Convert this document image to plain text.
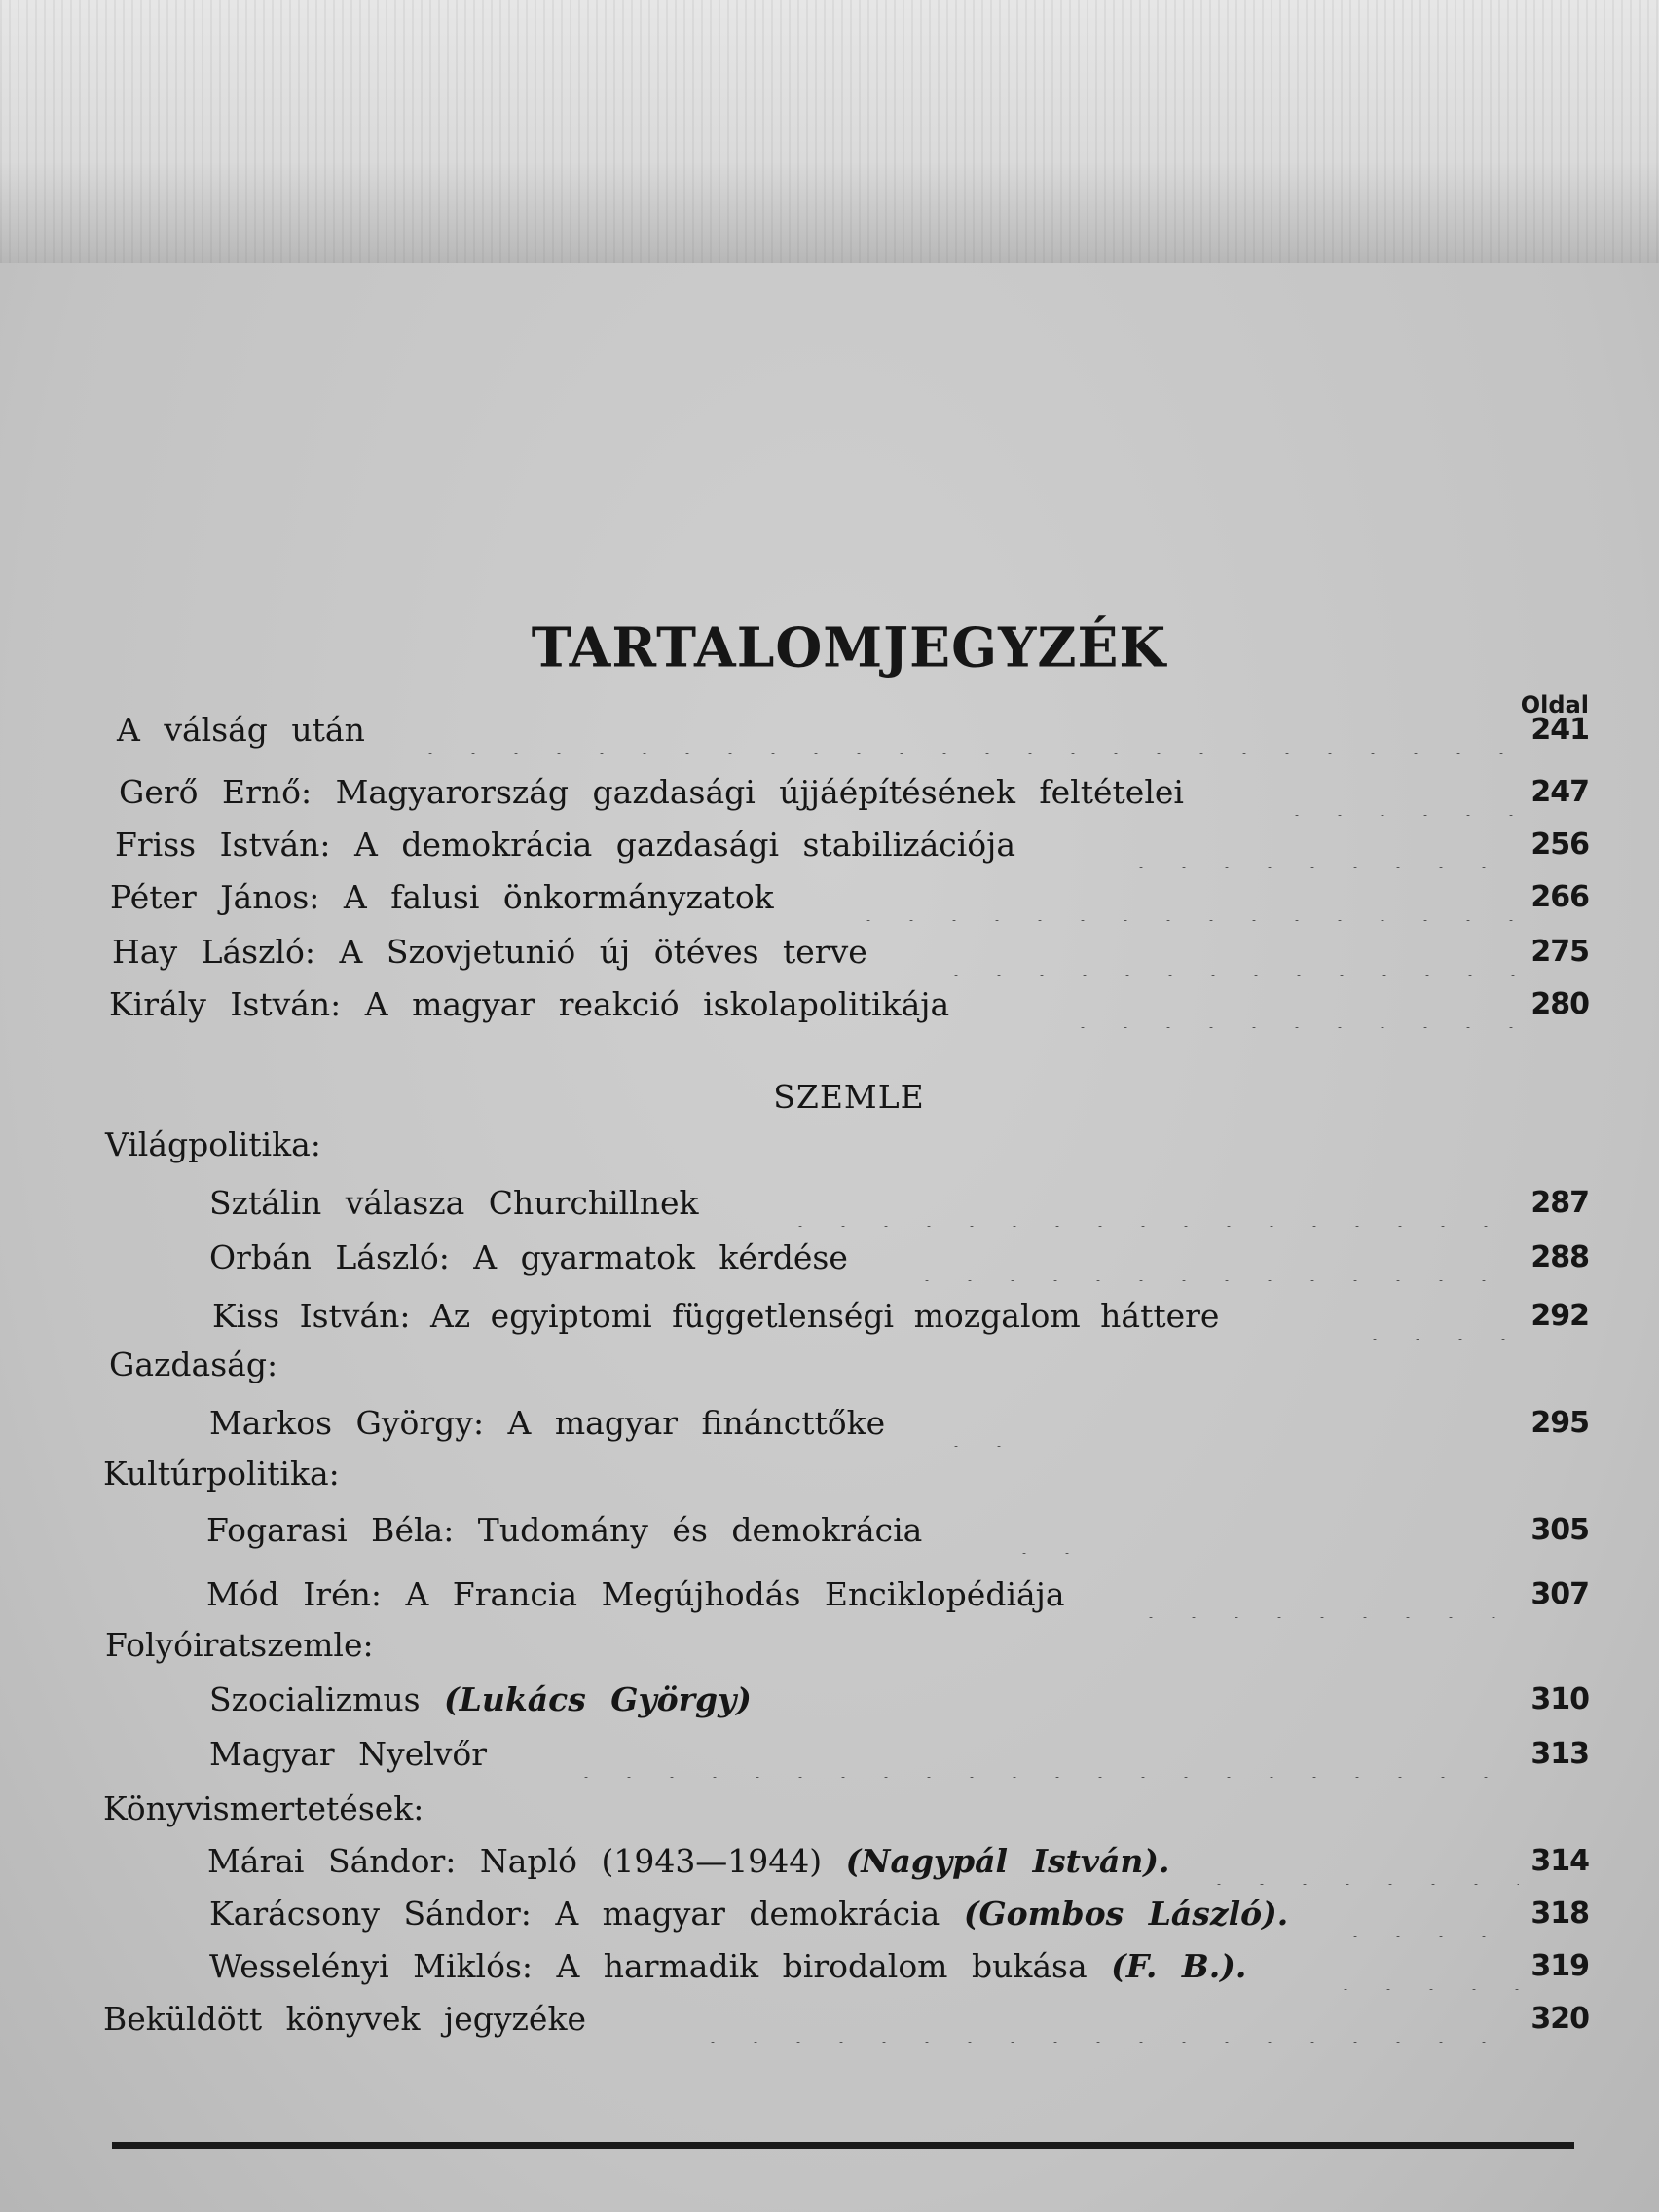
TARTALOMJEGYZÉK
Oldal
A válság után	241
Gerő Ernő: Magyarország gazdasági újjáépítésének feltételei	247
Friss István: A demokrácia gazdasági stabilizációja	256
Péter János: A falusi önkormányzatok	266
Hay László: A Szovjetunió új ötéves terve	275
Király István: A magyar reakció iskolapolitikája	280
SZEMLE
Világpolitika:
Sztálin válasza Churchillnek	287
Orbán László: A gyarmatok kérdése	288
Kiss István: Az egyiptomi függetlenségi mozgalom háttere	292
Gazdaság:
Markos György: A magyar fináncttőke	295
Kultúrpolitika:
Fogarasi Béla: Tudomány és demokrácia	305
Mód Irén: A Francia Megújhodás Enciklopédiája	307
Folyóiratszemle:
Szocializmus (Lukács György)	310
Magyar Nyelvőr	313
Könyvismertetések:
Márai Sándor: Napló (1943—1944) (Nagypál István).	314
Karácsony Sándor: A magyar demokrácia (Gombos László).	318
Wesselényi Miklós: A harmadik birodalom bukása (F. B.).	319
Beküldött könyvek jegyzéke	320
